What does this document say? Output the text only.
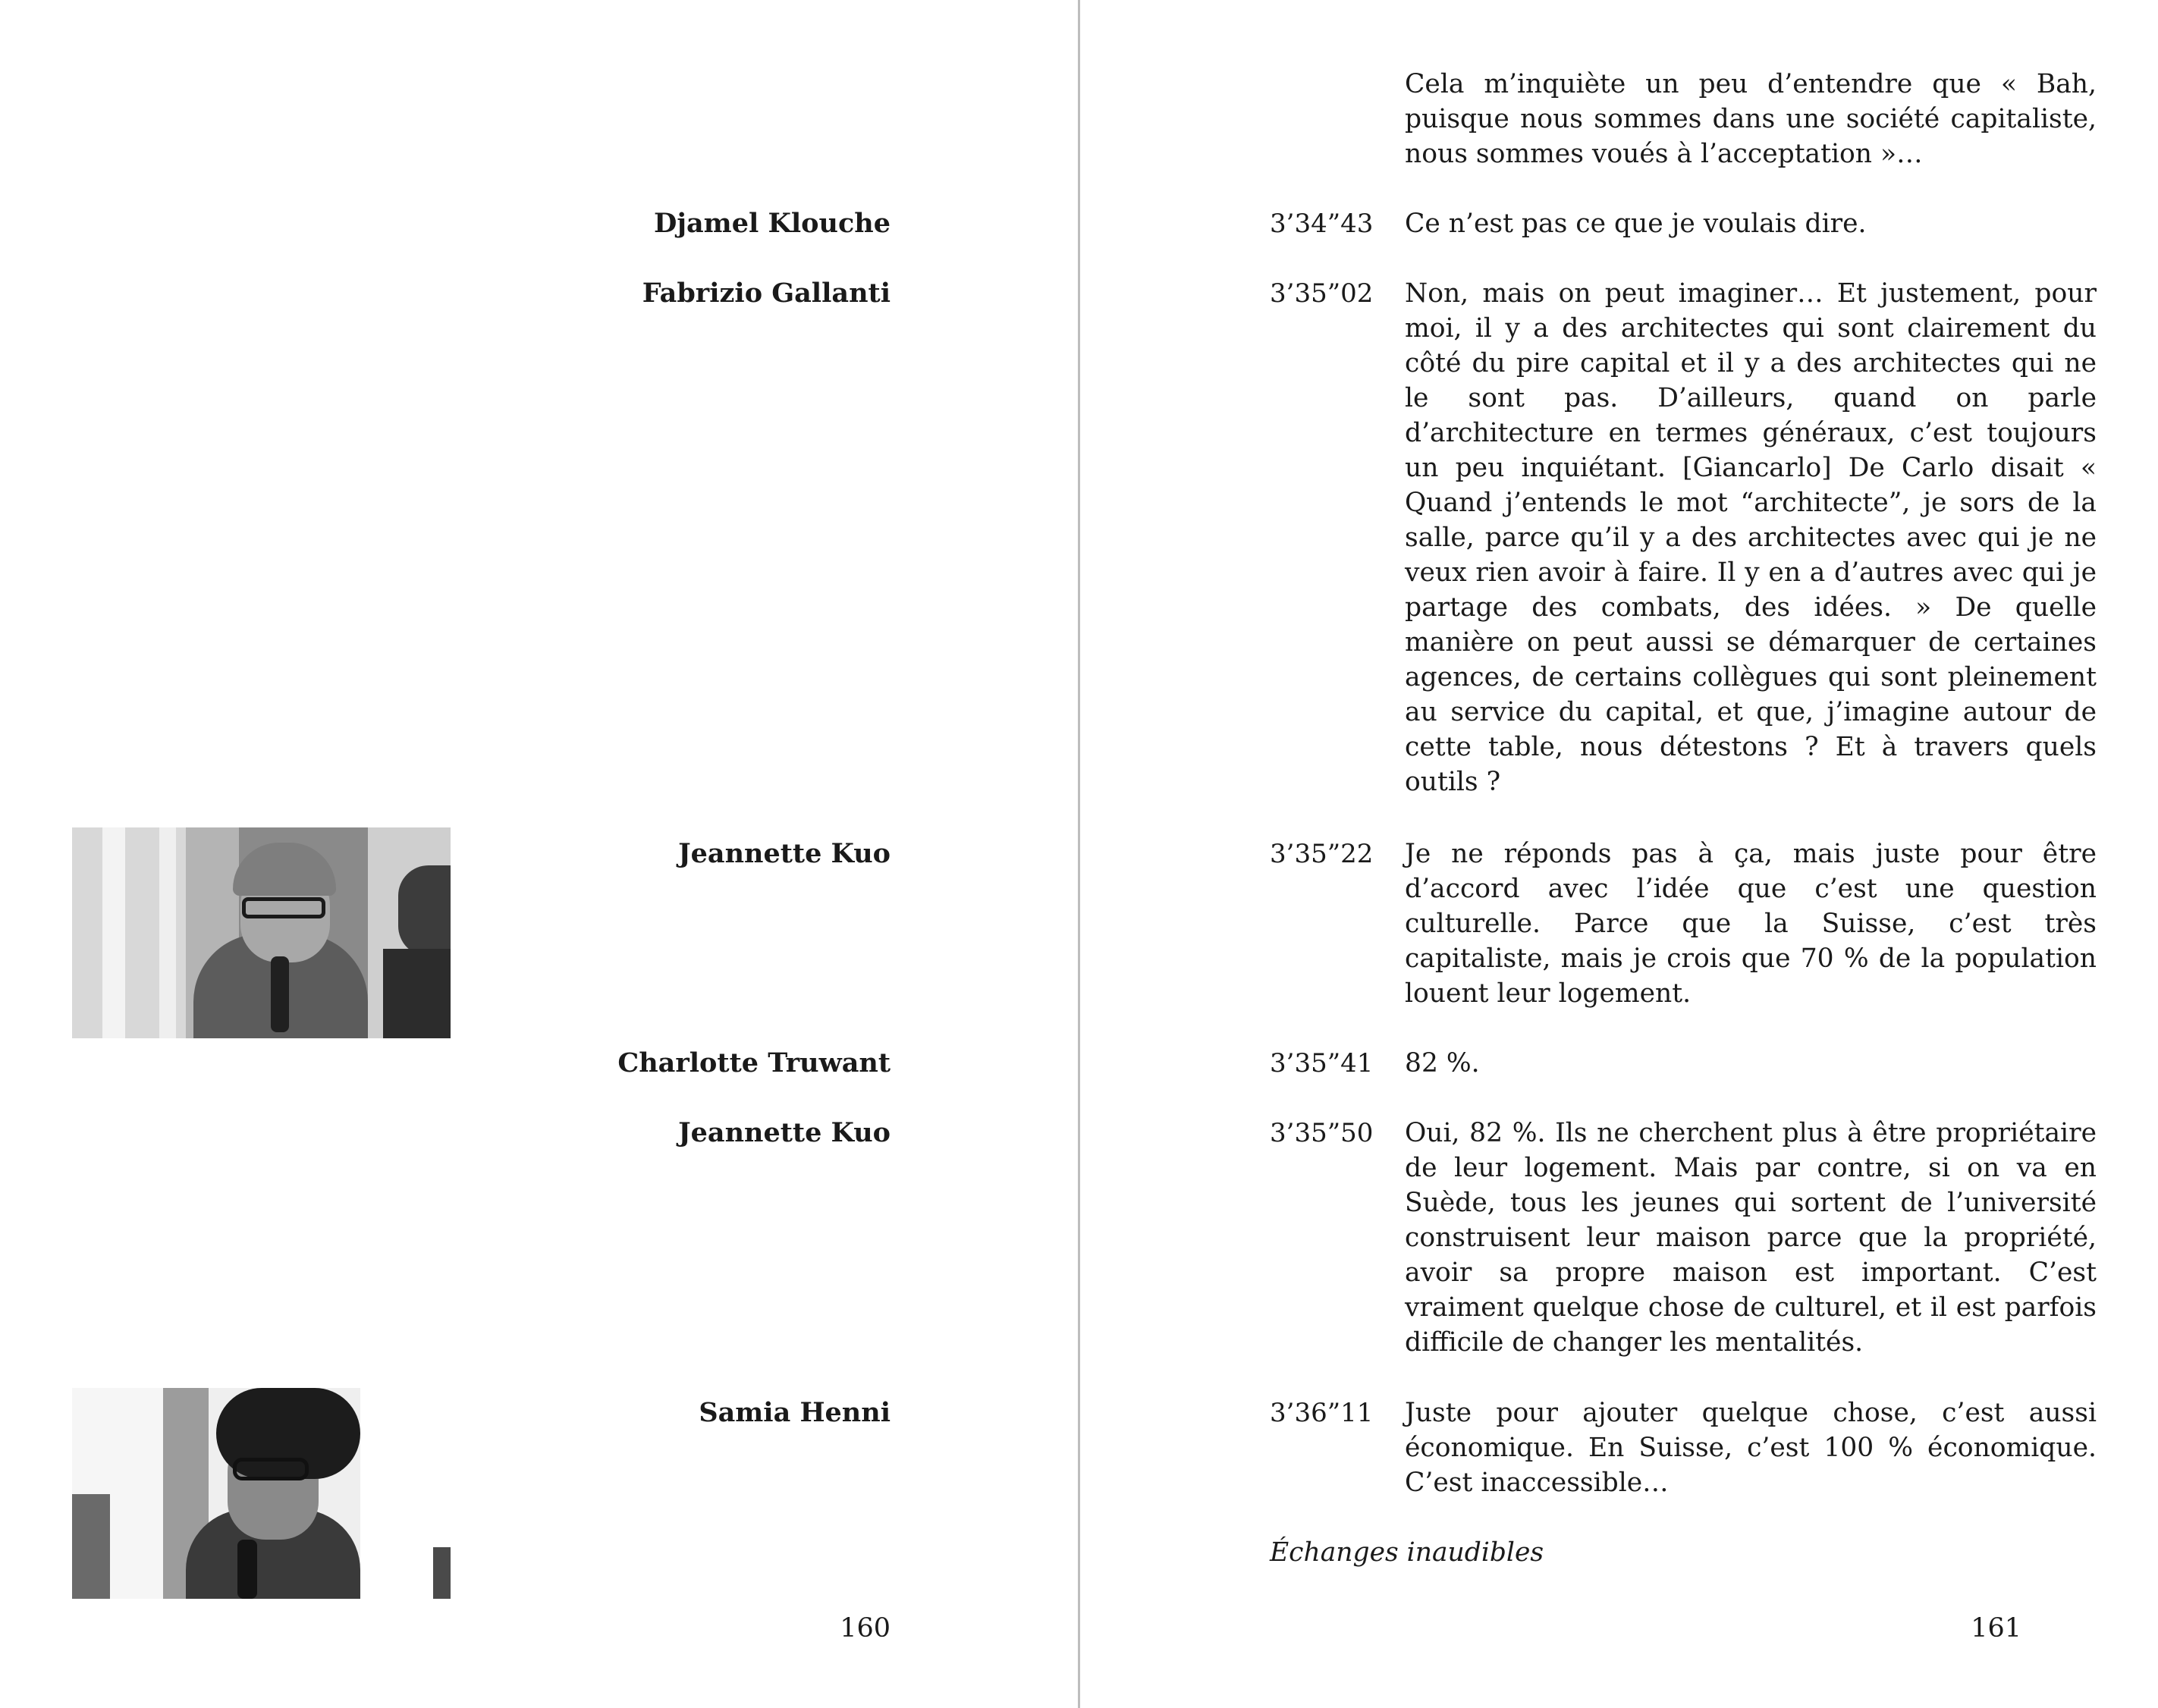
Djamel Klouche
Fabrizio Gallanti
Jeannette Kuo
Charlotte Truwant
Jeannette Kuo
Samia Henni
160
Cela m’inquiète un peu d’entendre que « Bah, puisque nous sommes dans une société capitaliste, nous sommes voués à l’acceptation »…
3’34”43 Ce n’est pas ce que je voulais dire.
3’35”02 Non, mais on peut imaginer… Et justement, pour moi, il y a des architectes qui sont clairement du côté du pire capital et il y a des architectes qui ne le sont pas. D’ailleurs, quand on parle d’architecture en termes généraux, c’est toujours un peu inquiétant. [Giancarlo] De Carlo disait « Quand j’entends le mot “architecte”, je sors de la salle, parce qu’il y a des architectes avec qui je ne veux rien avoir à faire. Il y en a d’autres avec qui je partage des combats, des idées. » De quelle manière on peut aussi se démarquer de certaines agences, de certains collègues qui sont pleinement au service du capital, et que, j’imagine autour de cette table, nous détestons ? Et à travers quels outils ?
3’35”22 Je ne réponds pas à ça, mais juste pour être d’accord avec l’idée que c’est une question culturelle. Parce que la Suisse, c’est très capitaliste, mais je crois que 70 % de la population louent leur logement.
3’35”41 82 %.
3’35”50 Oui, 82 %. Ils ne cherchent plus à être propriétaire de leur logement. Mais par contre, si on va en Suède, tous les jeunes qui sortent de l’université construisent leur maison parce que la propriété, avoir sa propre maison est important. C’est vraiment quelque chose de culturel, et il est parfois difficile de changer les mentalités.
3’36”11 Juste pour ajouter quelque chose, c’est aussi économique. En Suisse, c’est 100 % économique. C’est inaccessible…
Échanges inaudibles
161
